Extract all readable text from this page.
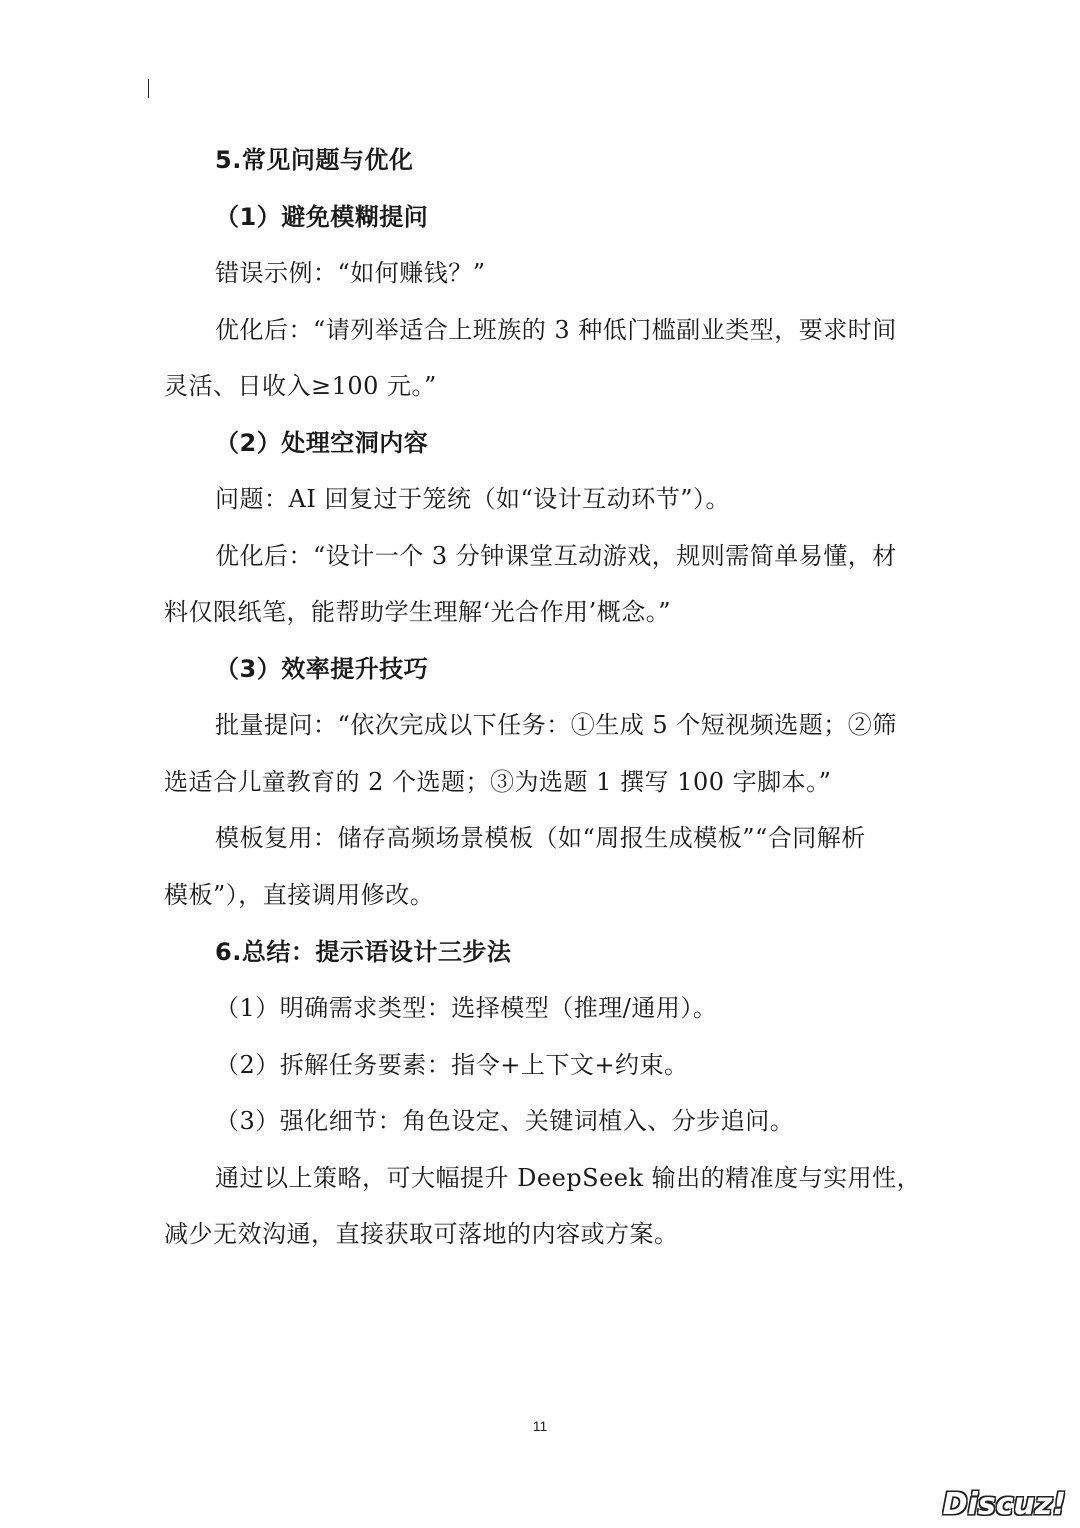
5.常见问题与优化
（1）避免模糊提问
错误示例：“如何赚钱？”
优化后：“请列举适合上班族的 3 种低门槛副业类型，要求时间
灵活、日收入≥100 元。”
（2）处理空洞内容
问题：AI 回复过于笼统（如“设计互动环节”）。
优化后：“设计一个 3 分钟课堂互动游戏，规则需简单易懂，材
料仅限纸笔，能帮助学生理解‘光合作用’概念。”
（3）效率提升技巧
批量提问：“依次完成以下任务：①生成 5 个短视频选题；②筛
选适合儿童教育的 2 个选题；③为选题 1 撰写 100 字脚本。”
模板复用：储存高频场景模板（如“周报生成模板”“合同解析
模板”），直接调用修改。
6.总结：提示语设计三步法
（1）明确需求类型：选择模型（推理/通用）。
（2）拆解任务要素：指令+上下文+约束。
（3）强化细节：角色设定、关键词植入、分步追问。
通过以上策略，可大幅提升 DeepSeek 输出的精准度与实用性，
减少无效沟通，直接获取可落地的内容或方案。
11
Discuz!
